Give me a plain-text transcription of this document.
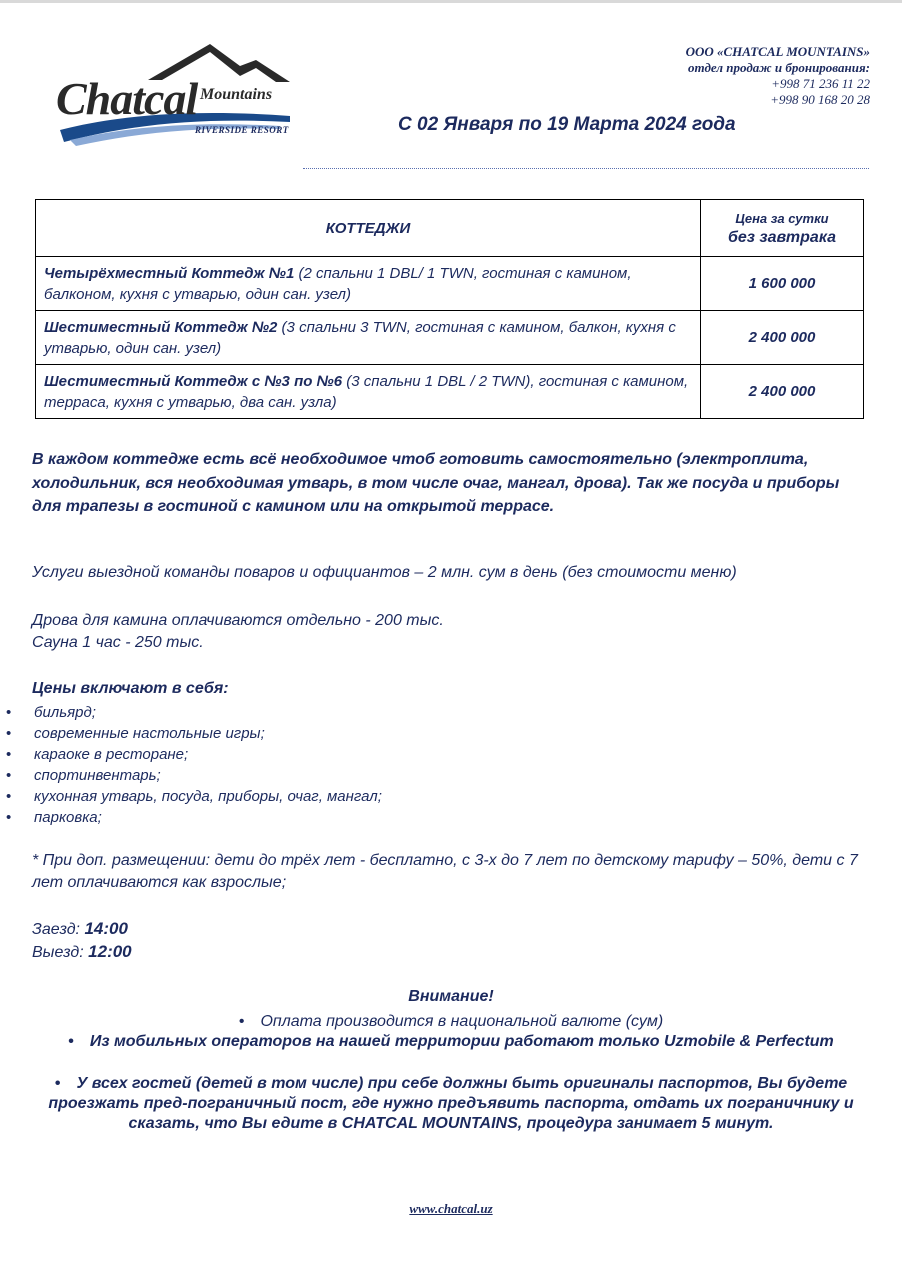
Chatcal Mountains
RIVERSIDE RESORT
ООО «CHATCAL MOUNTAINS»
отдел продаж и бронирования:
+998 71 236 11 22
+998 90 168 20 28
С 02 Января по 19 Марта 2024 года
КОТТЕДЖИ	Цена за сутки
без завтрака

Четырёхместный Коттедж №1 (2 спальни 1 DBL/ 1 TWN, гостиная с камином, балконом, кухня с утварью, один сан. узел)	1 600 000
Шестиместный Коттедж №2 (3 спальни 3 TWN, гостиная с камином, балкон, кухня с утварью, один сан. узел)	2 400 000
Шестиместный Коттедж с №3 по №6 (3 спальни 1 DBL / 2 TWN), гостиная с камином, терраса, кухня с утварью, два сан. узла)	2 400 000
В каждом коттедже есть всё необходимое чтоб готовить самостоятельно (электроплита, холодильник, вся необходимая утварь, в том числе очаг, мангал, дрова). Так же посуда и приборы для трапезы в гостиной с камином или на открытой террасе.
Услуги выездной команды поваров и официантов – 2 млн. сум в день (без стоимости меню)
Дрова для камина оплачиваются отдельно - 200 тыс.
Сауна 1 час - 250 тыс.
Цены включают в себя:
• бильярд;
• современные настольные игры;
• караоке в ресторане;
• спортинвентарь;
• кухонная утварь, посуда, приборы, очаг, мангал;
• парковка;
* При доп. размещении: дети до трёх лет - бесплатно, с 3-х до 7 лет по детскому тарифу – 50%, дети с 7 лет оплачиваются как взрослые;
Заезд: 14:00
Выезд: 12:00
Внимание!
• Оплата производится в национальной валюте (сум)
• Из мобильных операторов на нашей территории работают только Uzmobile & Perfectum
• У всех гостей (детей в том числе) при себе должны быть оригиналы паспортов, Вы будете проезжать пред-пограничный пост, где нужно предъявить паспорта, отдать их пограничнику и сказать, что Вы едите в CHATCAL MOUNTAINS, процедура занимает 5 минут.
www.chatcal.uz
